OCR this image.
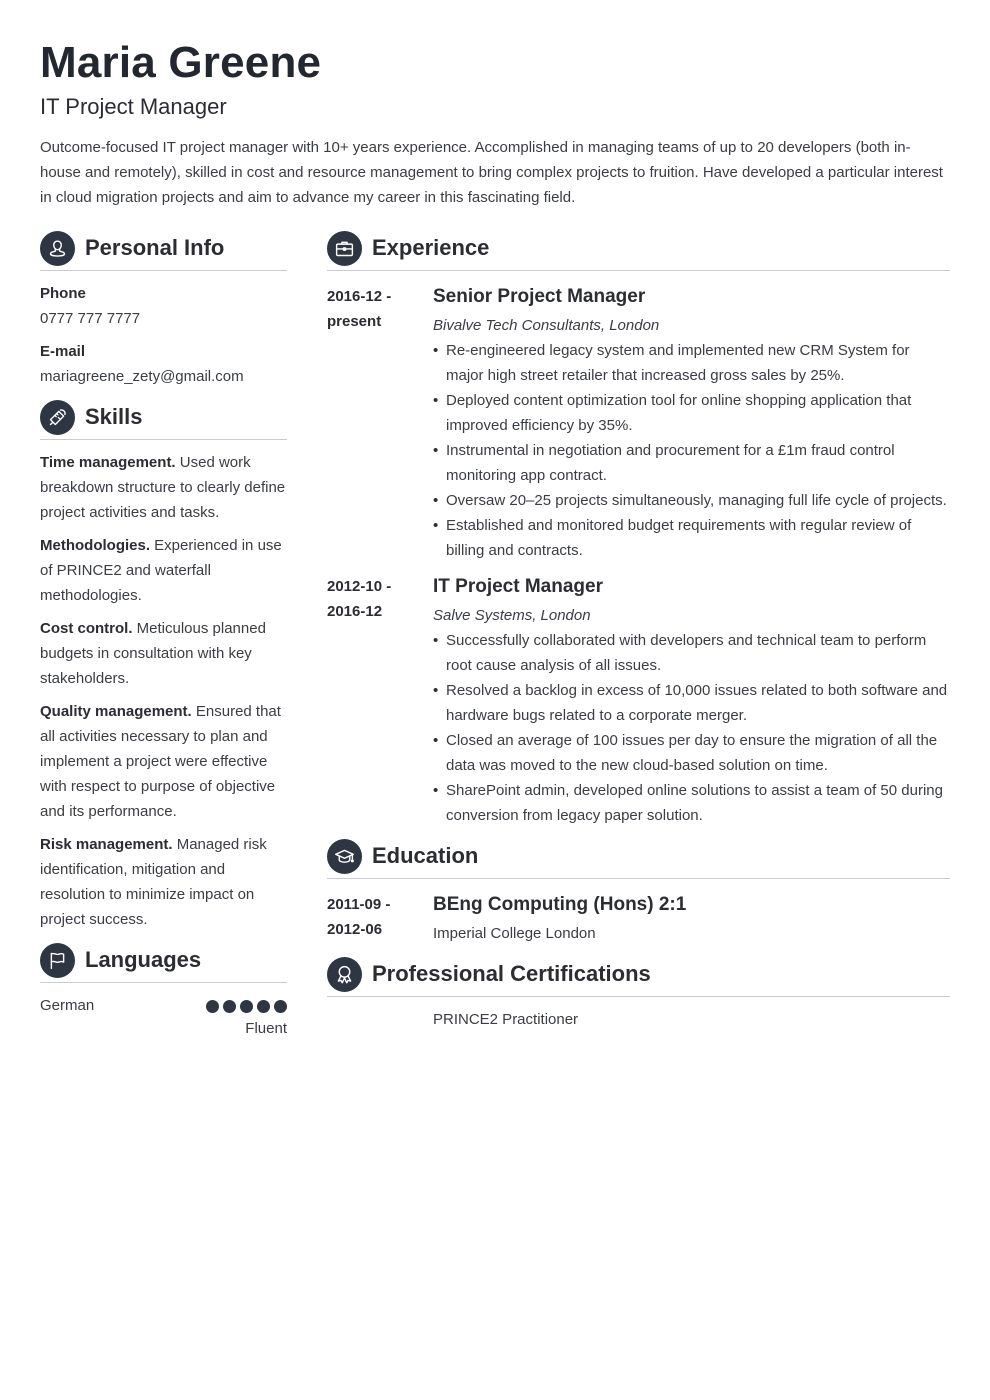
Maria Greene
IT Project Manager
Outcome-focused IT project manager with 10+ years experience. Accomplished in managing teams of up to 20 developers (both in-house and remotely), skilled in cost and resource management to bring complex projects to fruition. Have developed a particular interest in cloud migration projects and aim to advance my career in this fascinating field.
Personal Info
Phone
0777 777 7777
E-mail
mariagreene_zety@gmail.com
Skills
Time management. Used work breakdown structure to clearly define project activities and tasks.
Methodologies. Experienced in use of PRINCE2 and waterfall methodologies.
Cost control. Meticulous planned budgets in consultation with key stakeholders.
Quality management. Ensured that all activities necessary to plan and implement a project were effective with respect to purpose of objective and its performance.
Risk management. Managed risk identification, mitigation and resolution to minimize impact on project success.
Languages
German
Fluent
Experience
2016-12 -
present
Senior Project Manager
Bivalve Tech Consultants, London
• Re-engineered legacy system and implemented new CRM System for major high street retailer that increased gross sales by 25%.
• Deployed content optimization tool for online shopping application that improved efficiency by 35%.
• Instrumental in negotiation and procurement for a £1m fraud control monitoring app contract.
• Oversaw 20–25 projects simultaneously, managing full life cycle of projects.
• Established and monitored budget requirements with regular review of billing and contracts.
2012-10 -
2016-12
IT Project Manager
Salve Systems, London
• Successfully collaborated with developers and technical team to perform root cause analysis of all issues.
• Resolved a backlog in excess of 10,000 issues related to both software and hardware bugs related to a corporate merger.
• Closed an average of 100 issues per day to ensure the migration of all the data was moved to the new cloud-based solution on time.
• SharePoint admin, developed online solutions to assist a team of 50 during conversion from legacy paper solution.
Education
2011-09 -
2012-06
BEng Computing (Hons) 2:1
Imperial College London
Professional Certifications
PRINCE2 Practitioner
